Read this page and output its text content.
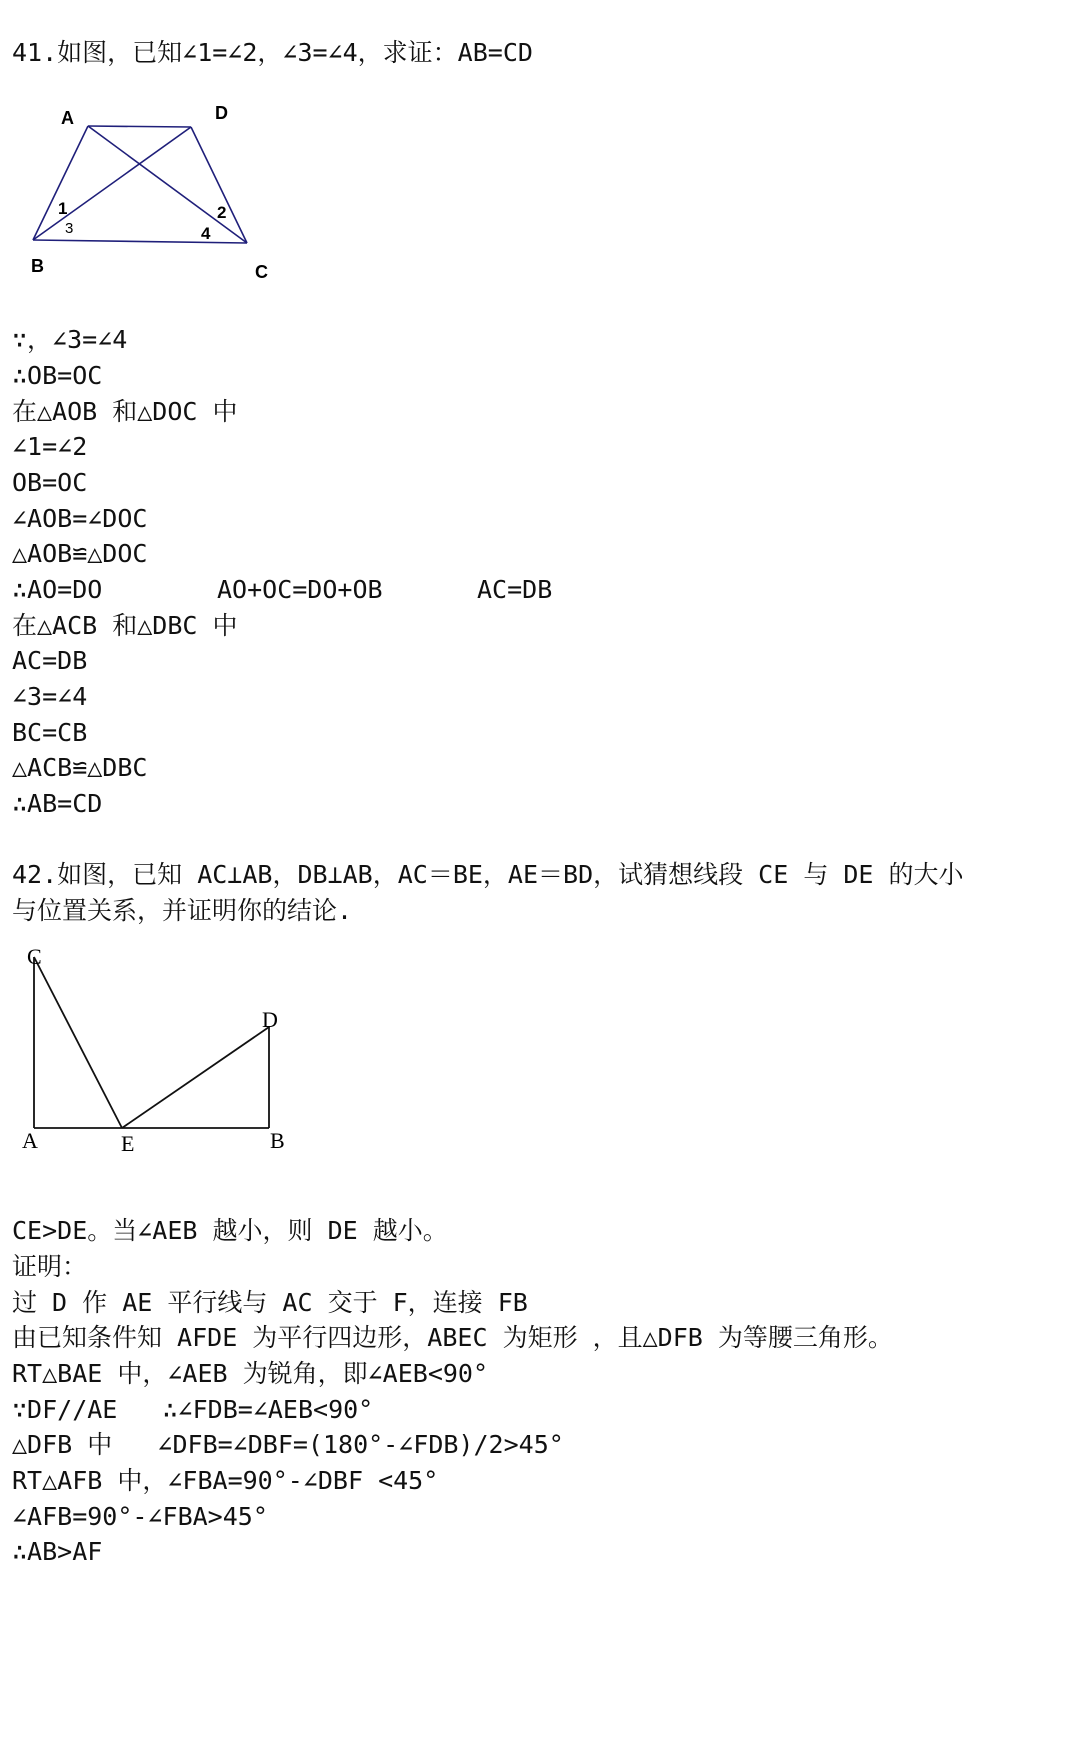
41.如图，已知∠1=∠2，∠3=∠4，求证：AB=CD
A	D
B	C
1	2
3	4
∵，∠3=∠4
∴OB=OC
在△AOB 和△DOC 中
∠1=∠2
OB=OC
∠AOB=∠DOC
△AOB≌△DOC

∴AO=DO

	AO+OC=DO+OB

	AC=DB

在△ACB 和△DBC 中
AC=DB
∠3=∠4
BC=CB
△ACB≌△DBC
∴AB=CD
42.如图，已知 AC⊥AB，DB⊥AB，AC＝BE，AE＝BD，试猜想线段 CE 与 DE 的大小
与位置关系，并证明你的结论.
C
D
A	E	B
CE>DE。当∠AEB 越小，则 DE 越小。
证明：
过 D 作 AE 平行线与 AC 交于 F，连接 FB
由已知条件知 AFDE 为平行四边形，ABEC 为矩形 ，且△DFB 为等腰三角形。
RT△BAE 中，∠AEB 为锐角，即∠AEB<90°
∵DF//AE   ∴∠FDB=∠AEB<90°
△DFB 中   ∠DFB=∠DBF=(180°-∠FDB)/2>45°
RT△AFB 中，∠FBA=90°-∠DBF <45°
∠AFB=90°-∠FBA>45°
∴AB>AF
